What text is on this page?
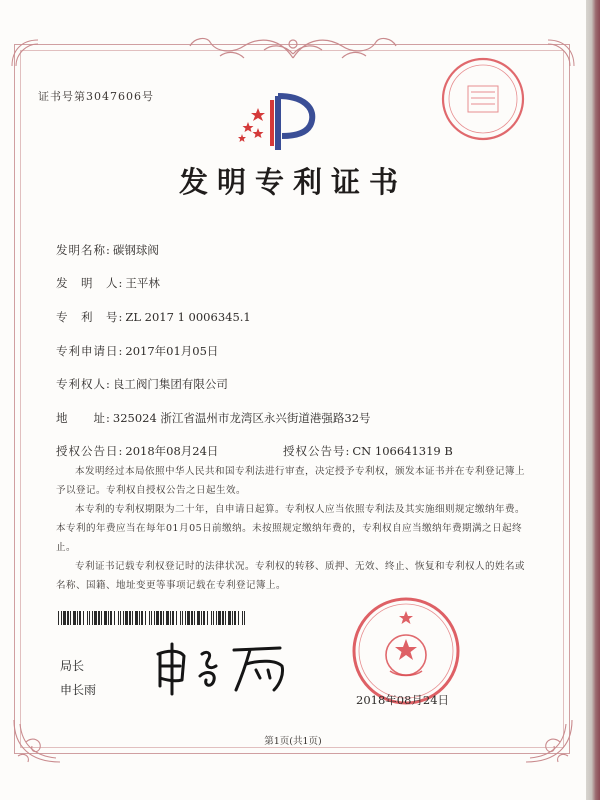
证书号第3047606号
发明专利证书
发明名称: 碳钢球阀
发　明　人: 王平林
专　利　号: ZL 2017 1 0006345.1
专利申请日: 2017年01月05日
专利权人: 良工阀门集团有限公司
地　　址: 325024 浙江省温州市龙湾区永兴街道港强路32号
授权公告日: 2018年08月24日	授权公告号: CN 106641319 B

本发明经过本局依照中华人民共和国专利法进行审查，决定授予专利权，颁发本证书并在专利登记簿上予以登记。专利权自授权公告之日起生效。

本专利的专利权期限为二十年，自申请日起算。专利权人应当依照专利法及其实施细则规定缴纳年费。本专利的年费应当在每年01月05日前缴纳。未按照规定缴纳年费的，专利权自应当缴纳年费期满之日起终止。

专利证书记载专利权登记时的法律状况。专利权的转移、质押、无效、终止、恢复和专利权人的姓名或名称、国籍、地址变更等事项记载在专利登记簿上。

局长
申长雨
2018年08月24日
第1页(共1页)
